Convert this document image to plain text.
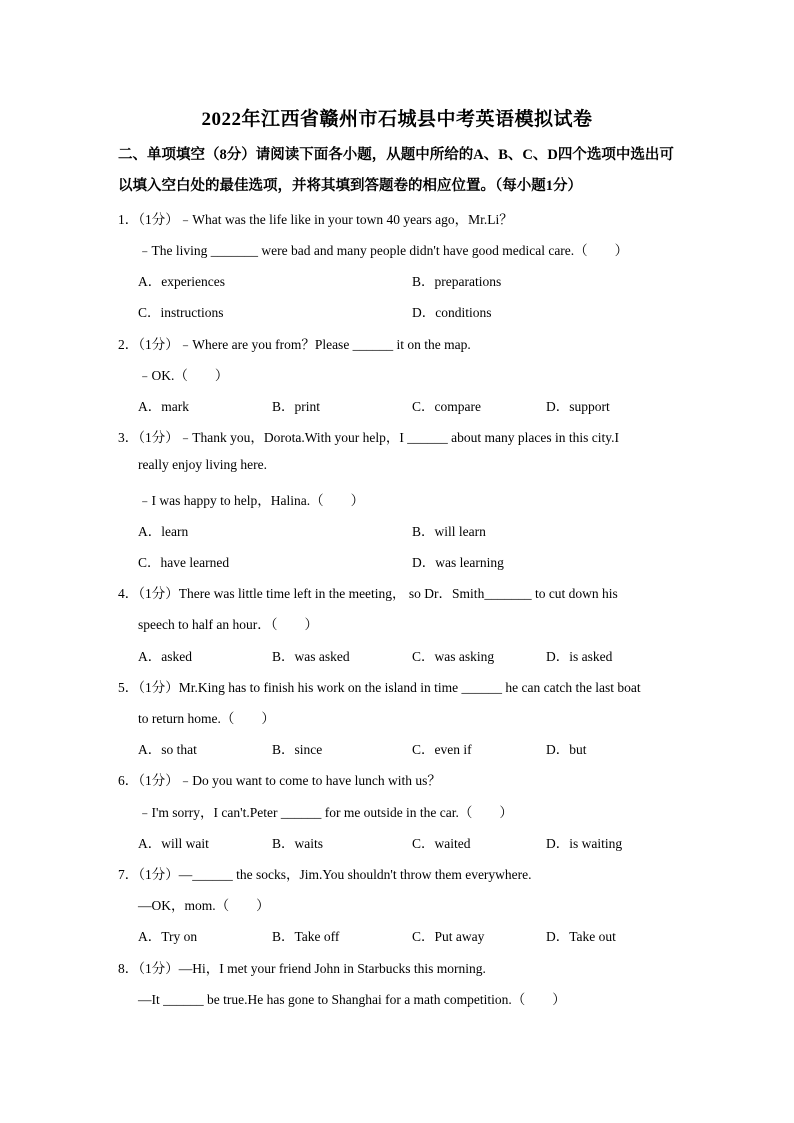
2022年江西省赣州市石城县中考英语模拟试卷
二、单项填空（8分）请阅读下面各小题，从题中所给的A、B、C、D四个选项中选出可
以填入空白处的最佳选项，并将其填到答题卷的相应位置。（每小题1分）
1．（1分）﹣What was the life like in your town 40 years ago，Mr.Li？
﹣The living _______ were bad and many people didn't have good medical care.（　　）
A．experiences	B．preparations
C．instructions	D．conditions
2．（1分）﹣Where are you from？Please ______ it on the map.
﹣OK.（　　）
A．mark	B．print	C．compare	D．support
3．（1分）﹣Thank you，Dorota.With your help，I ______ about many places in this city.I
really enjoy living here.
﹣I was happy to help，Halina.（　　）
A．learn	B．will learn
C．have learned	D．was learning
4．（1分）There was little time left in the meeting， so Dr．Smith_______ to cut down his
speech to half an hour．（　　）
A．asked	B．was asked	C．was asking	D．is asked
5．（1分）Mr.King has to finish his work on the island in time ______ he can catch the last boat
to return home.（　　）
A．so that	B．since	C．even if	D．but
6．（1分）﹣Do you want to come to have lunch with us？
﹣I'm sorry，I can't.Peter ______ for me outside in the car.（　　）
A．will wait	B．waits	C．waited	D．is waiting
7．（1分）—______ the socks，Jim.You shouldn't throw them everywhere.
—OK，mom.（　　）
A．Try on	B．Take off	C．Put away	D．Take out
8．（1分）—Hi，I met your friend John in Starbucks this morning.
—It ______ be true.He has gone to Shanghai for a math competition.（　　）
